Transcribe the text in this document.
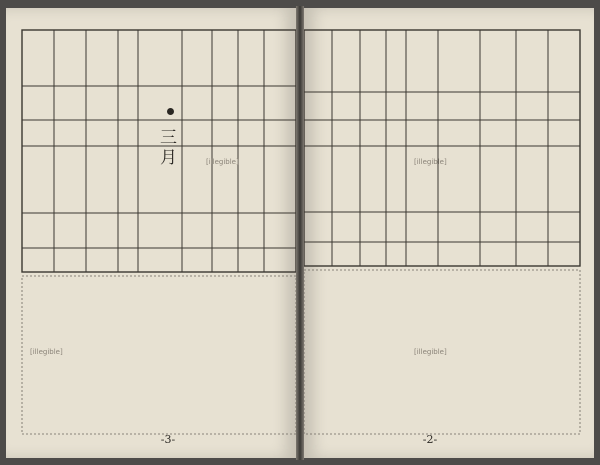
三月
[illegible]
[illegible]	[illegible]
[illegible]
-3-	-2-
